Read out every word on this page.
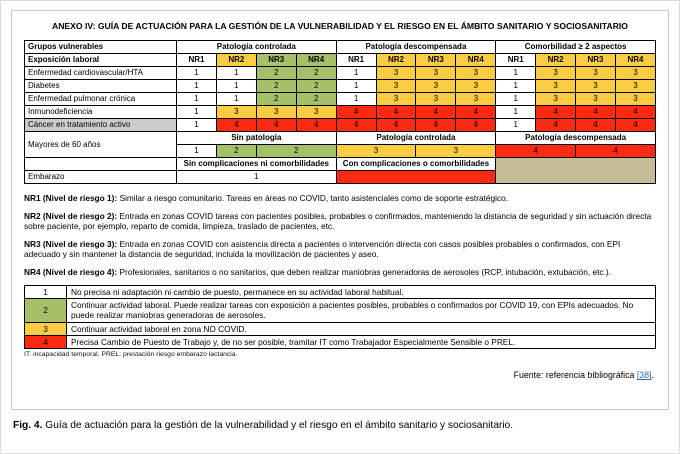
ANEXO IV: GUÍA DE ACTUACIÓN PARA LA GESTIÓN DE LA VULNERABILIDAD Y EL RIESGO EN EL ÁMBITO SANITARIO Y SOCIOSANITARIO
Grupos vulnerables	Patología controlada				Patología descompensada				Comorbilidad ≥ 2 aspectos			
Exposición laboral	NR1	NR2	NR3	NR4	NR1	NR2	NR3	NR4	NR1	NR2	NR3	NR4
Enfermedad cardiovascular/HTA	1	1	2	2	1	3	3	3	1	3	3	3
Diabetes	1	1	2	2	1	3	3	3	1	3	3	3
Enfermedad pulmonar crónica	1	1	2	2	1	3	3	3	1	3	3	3
Inmunodeficiencia	1	3	3	3	4	4	4	4	1	4	4	4
Cáncer en tratamiento activo	1	4	4	4	4	4	4	4	1	4	4	4
Mayores de 60 años	Sin patología				Patología controlada				Patología descompensada			
	1	2	2		3		3		4		4	
	Sin complicaciones ni comorbilidades				Con complicaciones o comorbilidades							
Embarazo	1											

NR1 (Nivel de riesgo 1): Similar a riesgo comunitario. Tareas en áreas no COVID, tanto asistenciales como de soporte estratégico.

NR2 (Nivel de riesgo 2): Entrada en zonas COVID tareas con pacientes posibles, probables o confirmados, manteniendo la distancia de seguridad y sin actuación directa sobre paciente, por ejemplo, reparto de comida, limpieza, traslado de pacientes, etc.

NR3 (Nivel de riesgo 3): Entrada en zonas COVID con asistencia directa a pacientes o intervención directa con casos posibles probables o confirmados, con EPI adecuado y sin mantener la distancia de seguridad, incluida la movilización de pacientes y aseo.

NR4 (Nivel de riesgo 4): Profesionales, sanitarios o no sanitarios, que deben realizar maniobras generadoras de aerosoles (RCP, intubación, extubación, etc.).

1	No precisa ni adaptación ni cambio de puesto, permanece en su actividad laboral habitual.
2	Continuar actividad laboral. Puede realizar tareas con exposición a pacientes posibles, probables o confirmados por COVID 19, con EPIs adecuados. No puede realizar maniobras generadoras de aerosoles.
3	Continuar actividad laboral en zona NO COVID.
4	Precisa Cambio de Puesto de Trabajo y, de no ser posible, tramitar IT como Trabajador Especialmente Sensible o PREL.
IT: incapacidad temporal. PREL: prestación riesgo embarazo lactancia.
Fuente: referencia bibliográfica [38].

Fig. 4. Guía de actuación para la gestión de la vulnerabilidad y el riesgo en el ámbito sanitario y sociosanitario.
